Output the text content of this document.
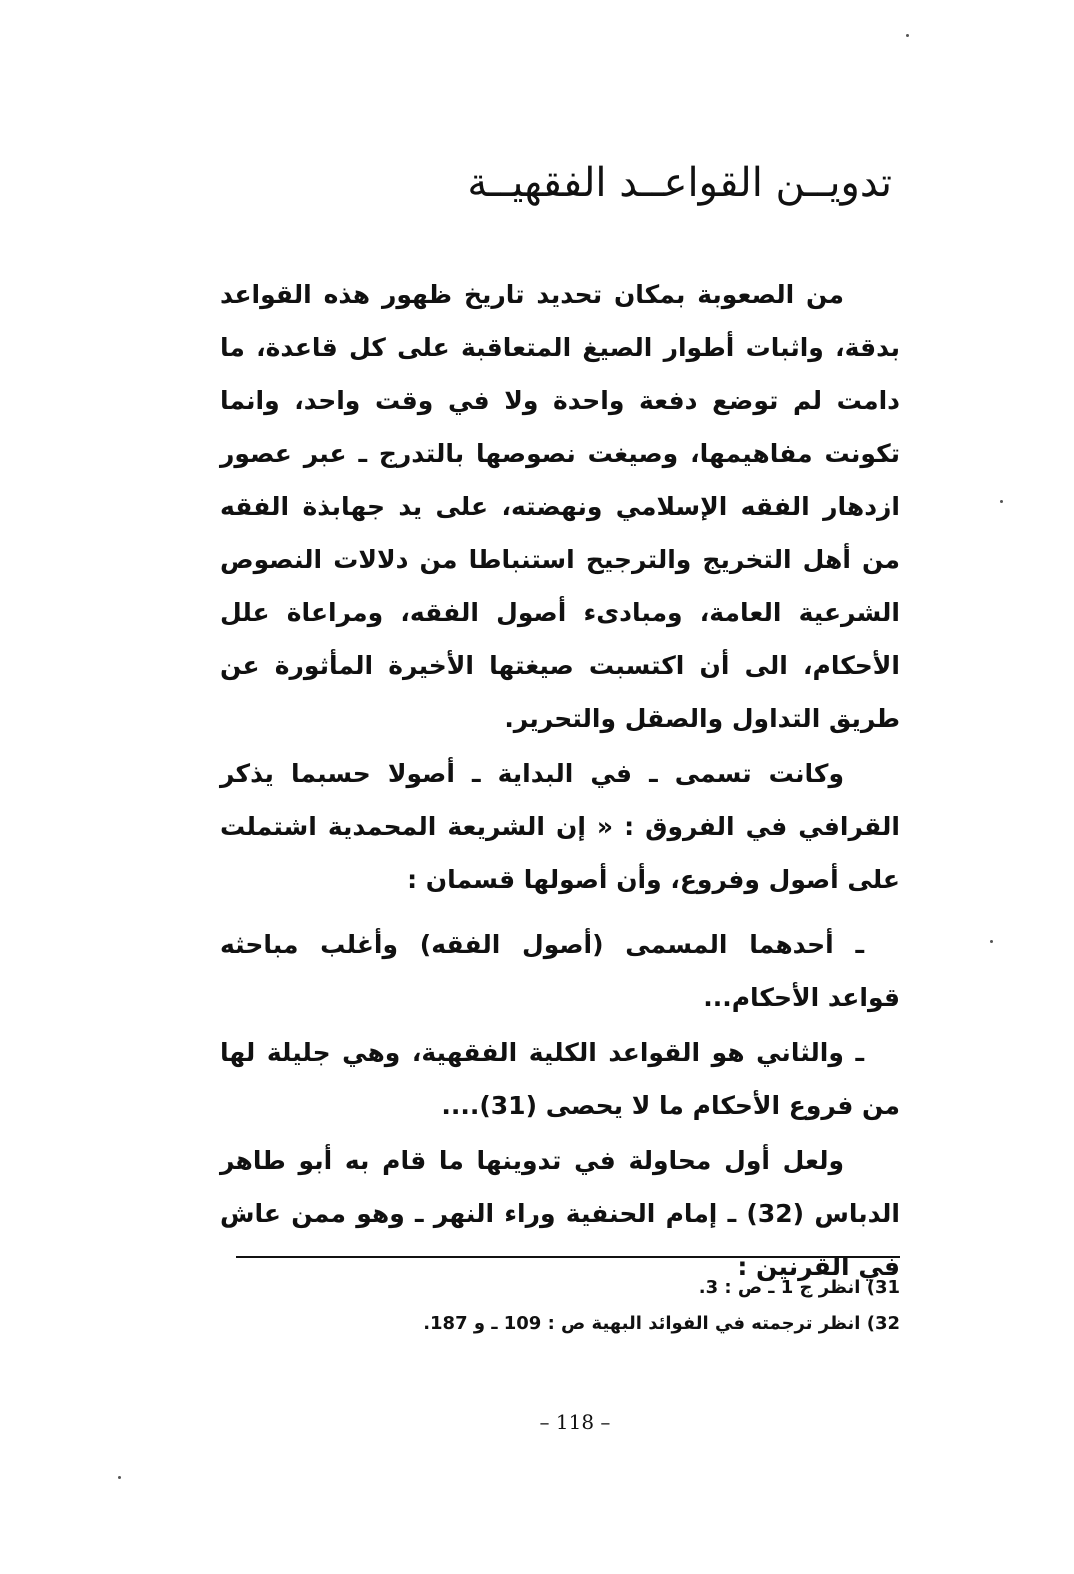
تدويــن القواعــد الفقهيــة

من الصعوبة بمكان تحديد تاريخ ظهور هذه القواعد بدقة، واثبات أطوار الصيغ المتعاقبة على كل قاعدة، ما دامت لم توضع دفعة واحدة ولا في وقت واحد، وانما تكونت مفاهيمها، وصيغت نصوصها بالتدرج ـ عبر عصور ازدهار الفقه الإسلامي ونهضته، على يد جهابذة الفقه من أهل التخريج والترجيح استنباطا من دلالات النصوص الشرعية العامة، ومبادىء أصول الفقه، ومراعاة علل الأحكام، الى أن اكتسبت صيغتها الأخيرة المأثورة عن طريق التداول والصقل والتحرير.

وكانت تسمى ـ في البداية ـ أصولا حسبما يذكر القرافي في الفروق : « إن الشريعة المحمدية اشتملت على أصول وفروع، وأن أصولها قسمان :

ـ أحدهما المسمى (أصول الفقه) وأغلب مباحثه قواعد الأحكام...

ـ والثاني هو القواعد الكلية الفقهية، وهي جليلة لها من فروع الأحكام ما لا يحصى (31)....

ولعل أول محاولة في تدوينها ما قام به أبو طاهر الدباس (32) ـ إمام الحنفية وراء النهر ـ وهو ممن عاش في القرنين :

31) انظر ج 1 ـ ص : 3.
32) انظر ترجمته في الفوائد البهية ص : 109 ـ و 187.
– 118 –
